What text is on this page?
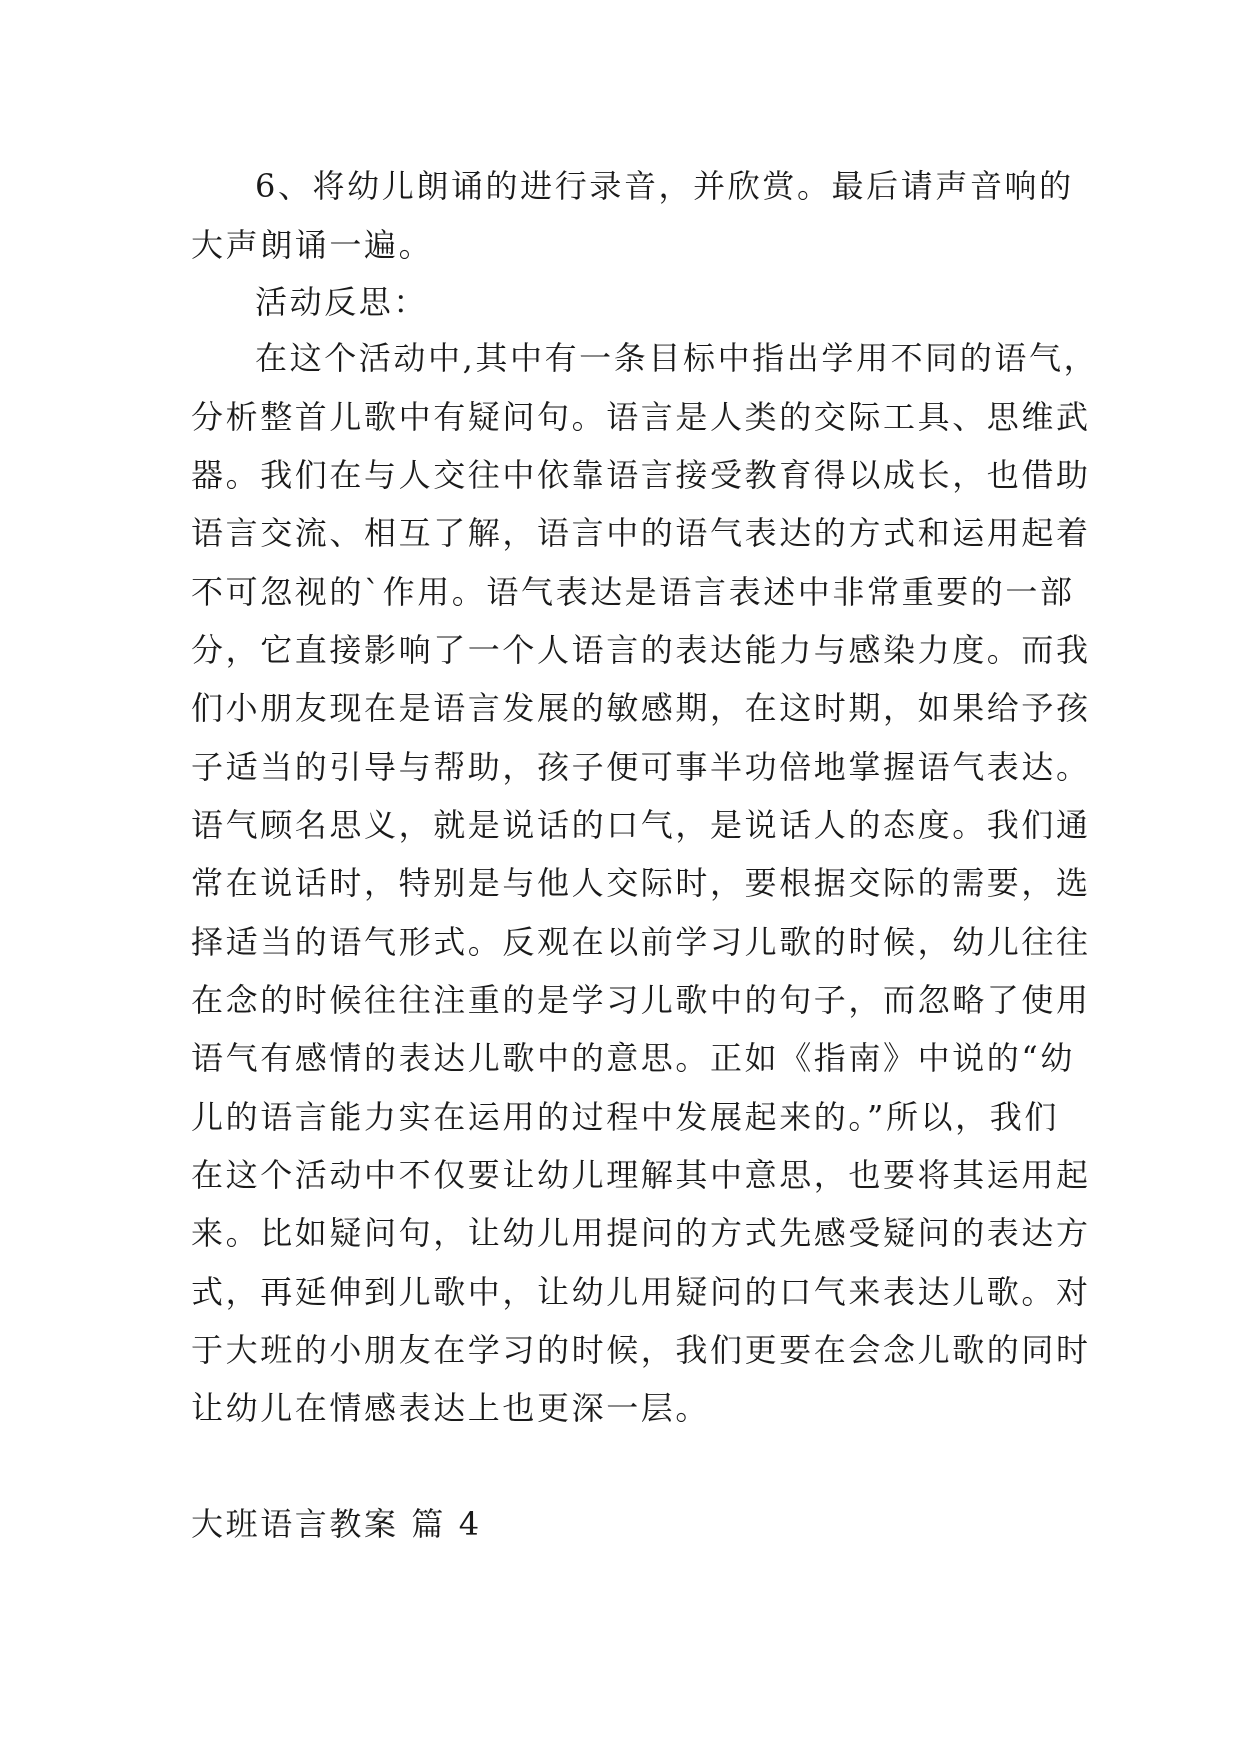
6、将幼儿朗诵的进行录音，并欣赏。最后请声音响的
大声朗诵一遍。
活动反思：
在这个活动中,其中有一条目标中指出学用不同的语气，
分析整首儿歌中有疑问句。语言是人类的交际工具、思维武
器。我们在与人交往中依靠语言接受教育得以成长，也借助
语言交流、相互了解，语言中的语气表达的方式和运用起着
不可忽视的`作用。语气表达是语言表述中非常重要的一部
分，它直接影响了一个人语言的表达能力与感染力度。而我
们小朋友现在是语言发展的敏感期，在这时期，如果给予孩
子适当的引导与帮助，孩子便可事半功倍地掌握语气表达。
语气顾名思义，就是说话的口气，是说话人的态度。我们通
常在说话时，特别是与他人交际时，要根据交际的需要，选
择适当的语气形式。反观在以前学习儿歌的时候，幼儿往往
在念的时候往往注重的是学习儿歌中的句子，而忽略了使用
语气有感情的表达儿歌中的意思。正如《指南》中说的“幼
儿的语言能力实在运用的过程中发展起来的。”所以，我们
在这个活动中不仅要让幼儿理解其中意思，也要将其运用起
来。比如疑问句，让幼儿用提问的方式先感受疑问的表达方
式，再延伸到儿歌中，让幼儿用疑问的口气来表达儿歌。对
于大班的小朋友在学习的时候，我们更要在会念儿歌的同时
让幼儿在情感表达上也更深一层。
大班语言教案 篇 4
